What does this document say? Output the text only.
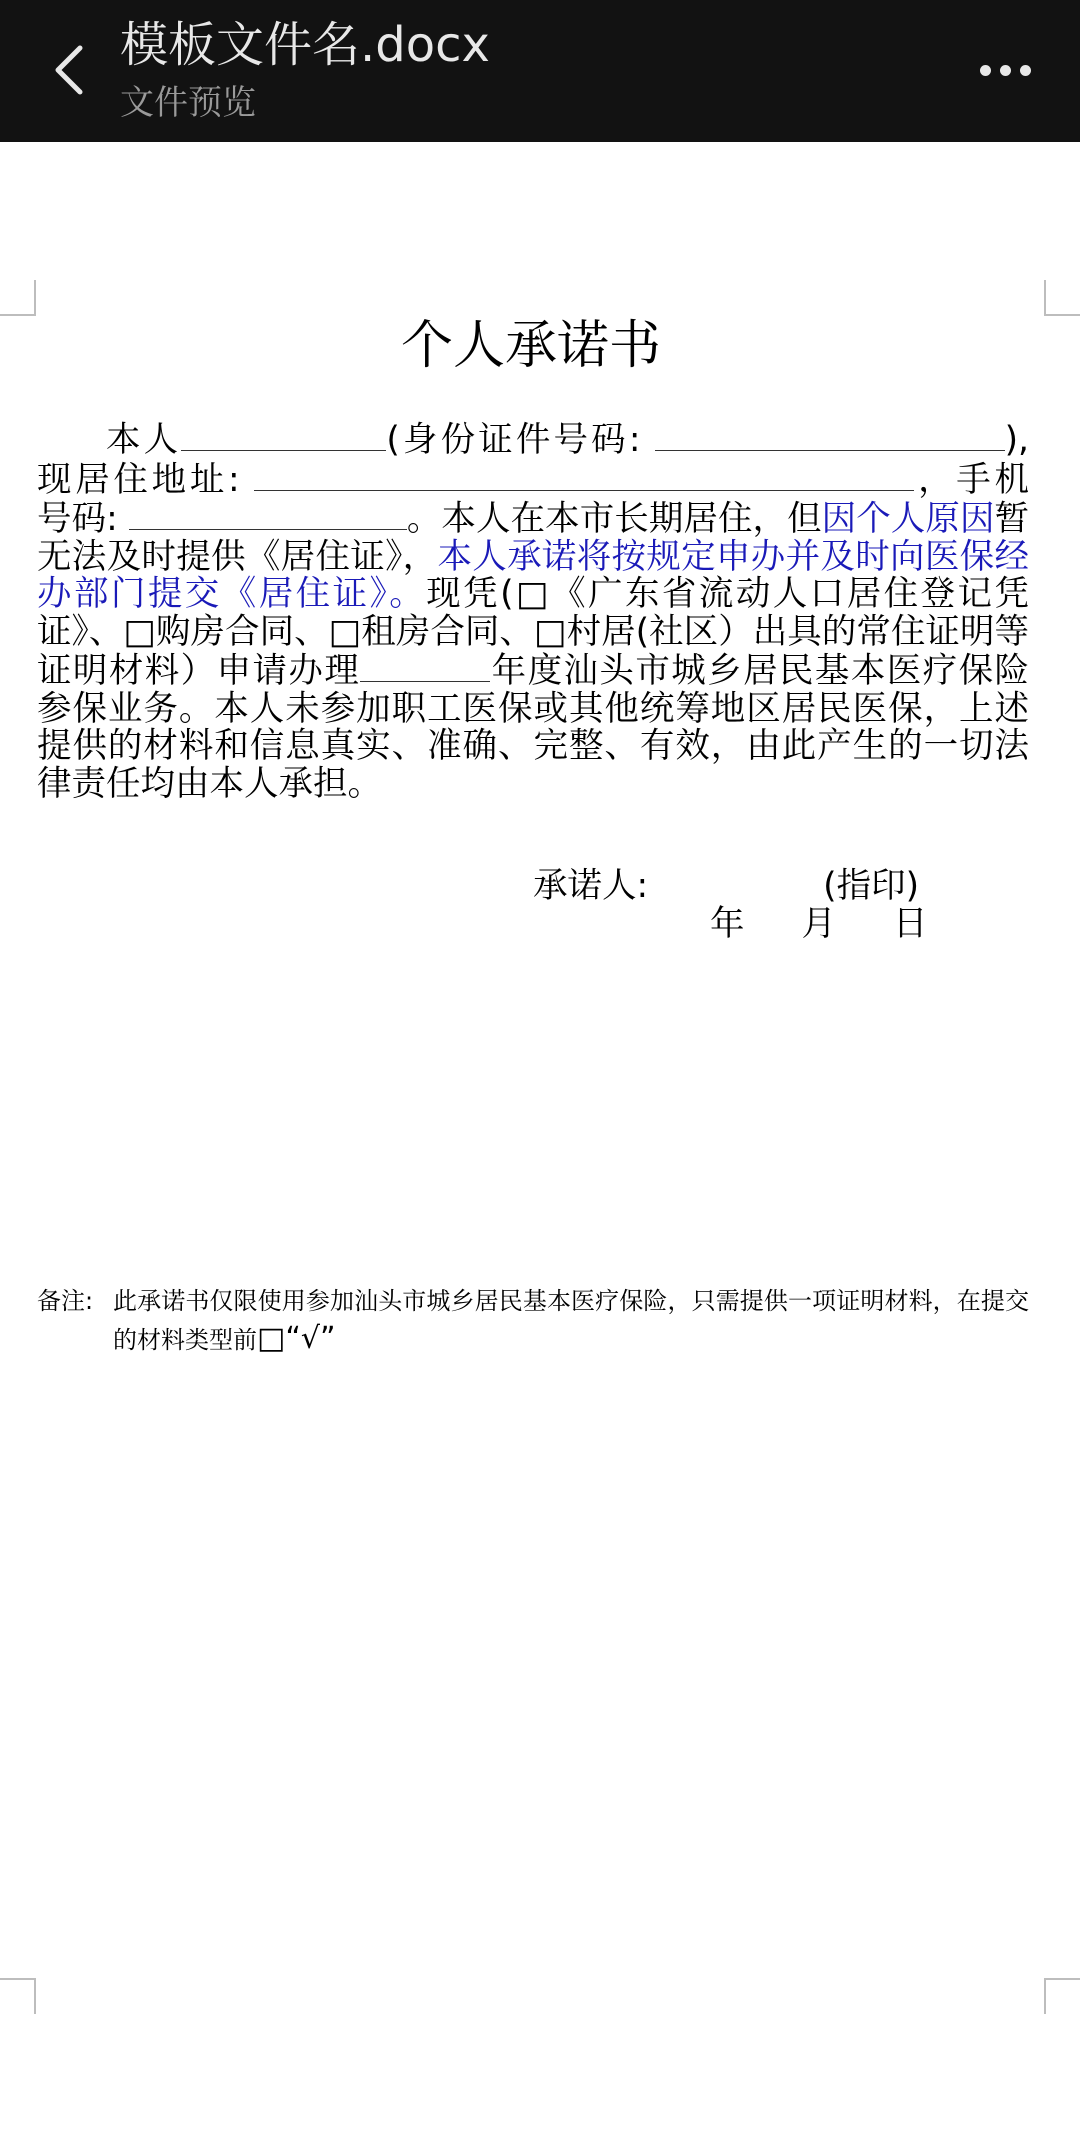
模板文件名.docx
文件预览
个人承诺书
本人	(身份证件号码:	),现居住地址:	，手机号码:	。本人在本市长期居住，但因个人原因暂无法及时提供《居住证》，本人承诺将按规定申办并及时向医保经办部门提交《居住证》。现凭(□《广东省流动人口居住登记凭证》、□购房合同、□租房合同、□村居(社区）出具的常住证明等证明材料）申请办理	年度汕头市城乡居民基本医疗保险参保业务。本人未参加职工医保或其他统筹地区居民医保，上述提供的材料和信息真实、准确、完整、有效，由此产生的一切法律责任均由本人承担。
承诺人:	(指印)
年 月 日
备注: 此承诺书仅限使用参加汕头市城乡居民基本医疗保险，只需提供一项证明材料，在提交的材料类型前□“√”
